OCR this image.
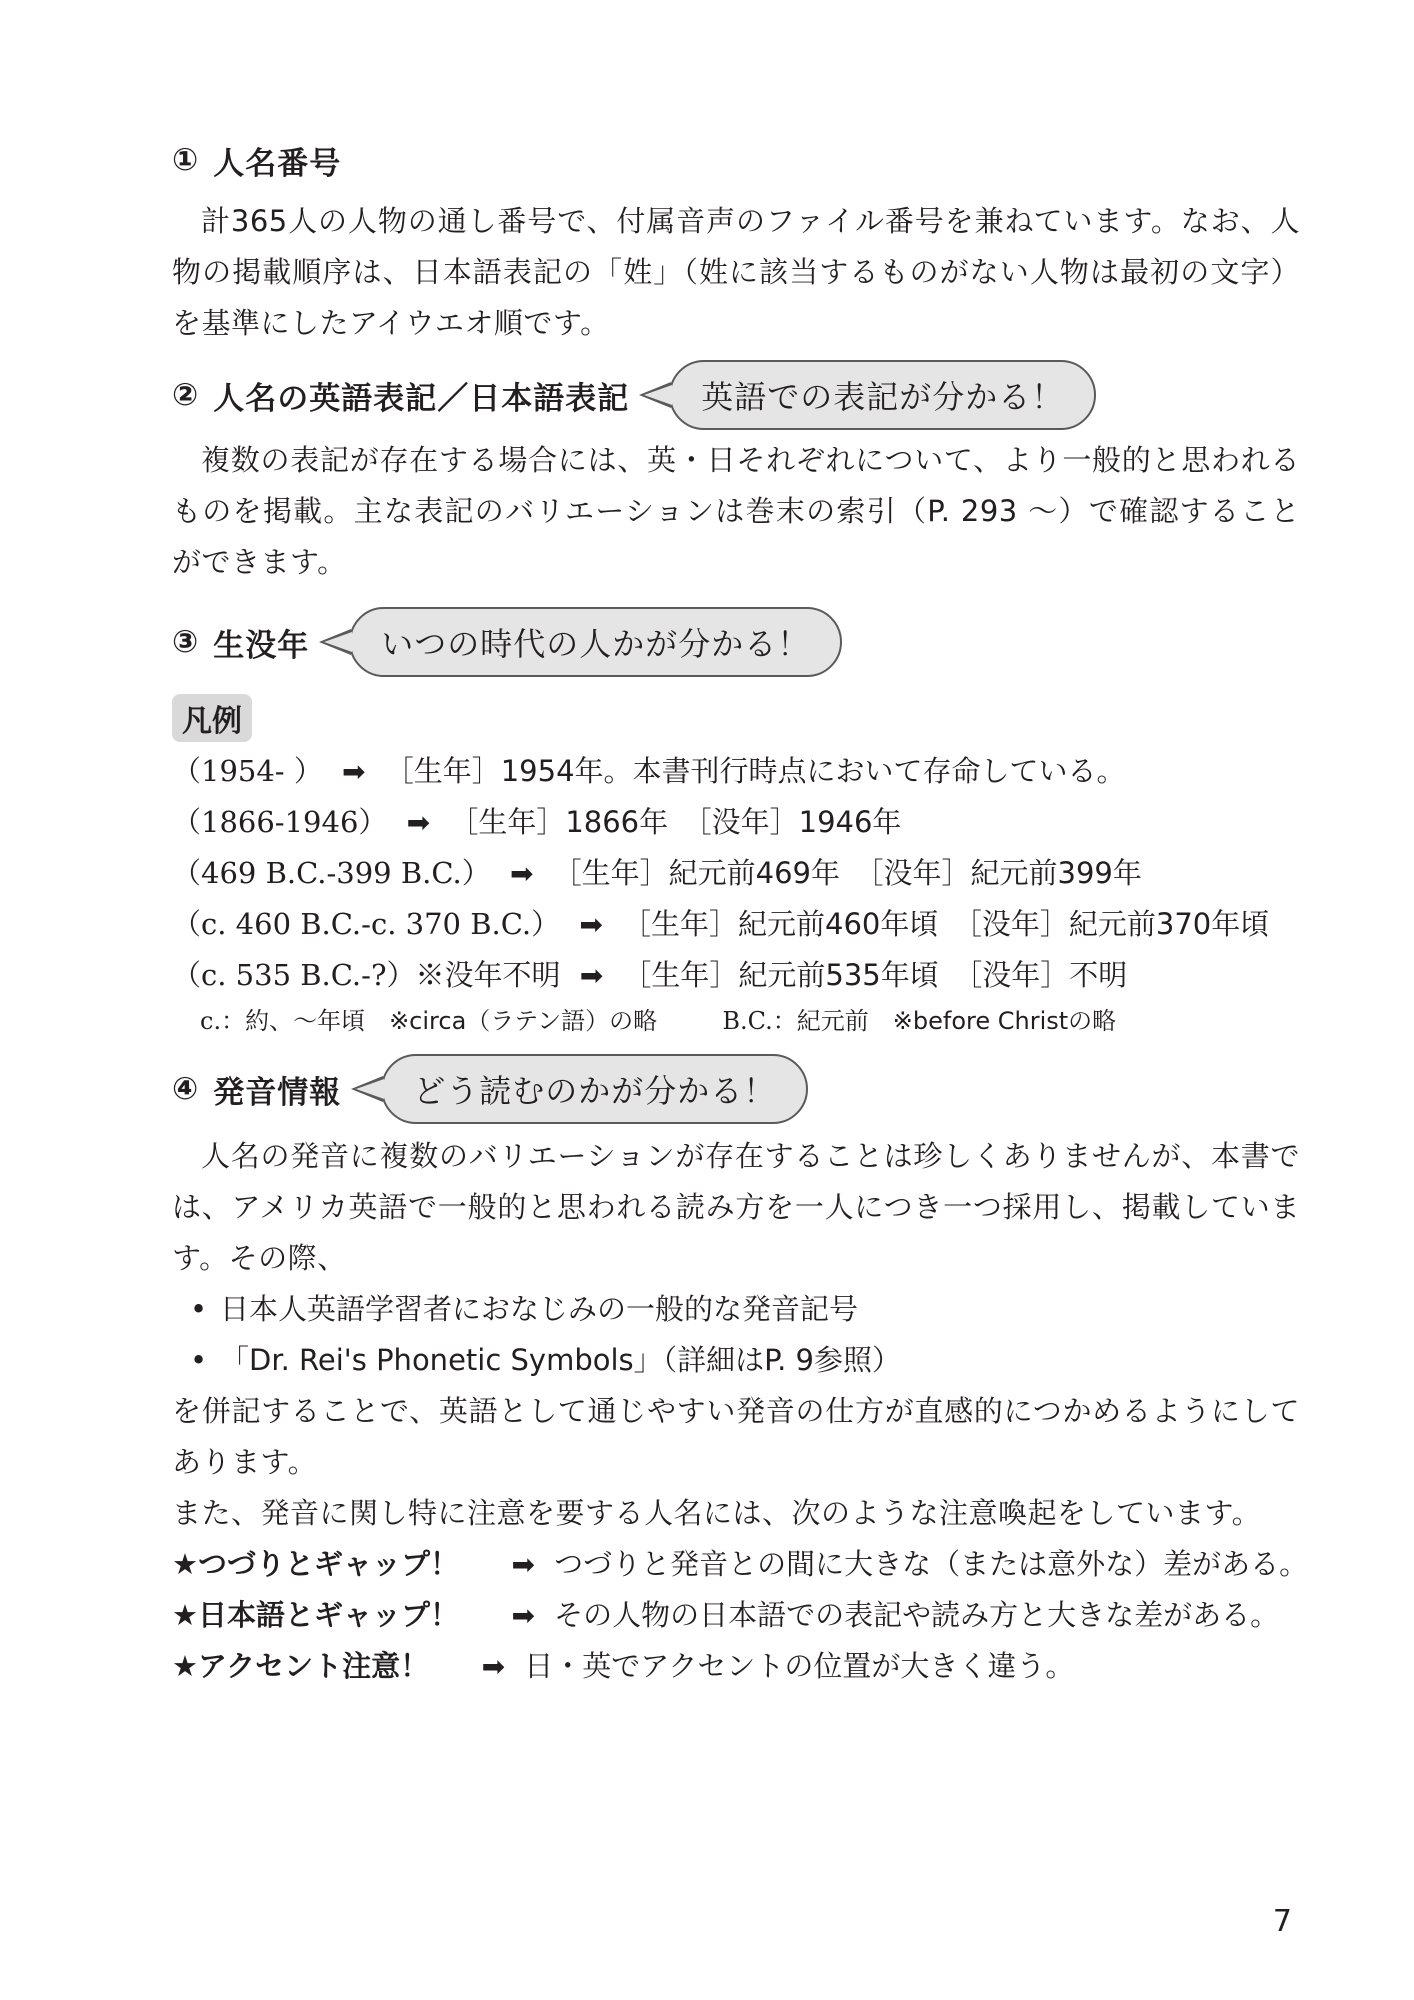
① 人名番号
計365人の人物の通し番号で、付属音声のファイル番号を兼ねています。なお、人物の掲載順序は、日本語表記の「姓」（姓に該当するものがない人物は最初の文字）を基準にしたアイウエオ順です。
② 人名の英語表記／日本語表記	英語での表記が分かる！
複数の表記が存在する場合には、英・日それぞれについて、より一般的と思われるものを掲載。主な表記のバリエーションは巻末の索引（P. 293 ～）で確認することができます。
③ 生没年	いつの時代の人かが分かる！
凡例
（1954- ） ➡ ［生年］1954年。本書刊行時点において存命している。
（1866-1946） ➡ ［生年］1866年　［没年］1946年
（469 B.C.-399 B.C.） ➡ ［生年］紀元前469年　［没年］紀元前399年
（c. 460 B.C.-c. 370 B.C.） ➡ ［生年］紀元前460年頃　［没年］紀元前370年頃
（c. 535 B.C.-?）※没年不明 ➡ ［生年］紀元前535年頃　［没年］不明
c.：約、～年頃　※circa（ラテン語）の略	B.C.：紀元前　※before Christの略
④ 発音情報	どう読むのかが分かる！
人名の発音に複数のバリエーションが存在することは珍しくありませんが、本書では、アメリカ英語で一般的と思われる読み方を一人につき一つ採用し、掲載しています。その際、
• 日本人英語学習者におなじみの一般的な発音記号
• 「Dr. Rei's Phonetic Symbols」（詳細はP. 9参照）
を併記することで、英語として通じやすい発音の仕方が直感的につかめるようにしてあります。
また、発音に関し特に注意を要する人名には、次のような注意喚起をしています。
★つづりとギャップ！ ➡ つづりと発音との間に大きな（または意外な）差がある。
★日本語とギャップ！ ➡ その人物の日本語での表記や読み方と大きな差がある。
★アクセント注意！ ➡ 日・英でアクセントの位置が大きく違う。
7
